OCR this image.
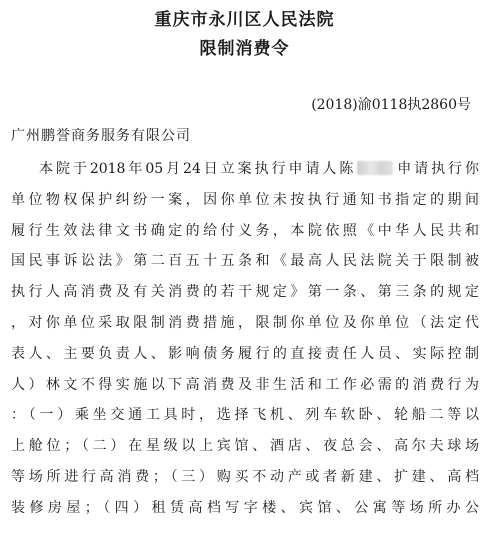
重庆市永川区人民法院
限制消费令
(2018)渝0118执2860号
广州鹏誉商务服务有限公司
本院于2018年05月24日立案执行申请人陈	申请执行你
单位物权保护纠纷一案，因你单位未按执行通知书指定的期间
履行生效法律文书确定的给付义务，本院依照《中华人民共和
国民事诉讼法》第二百五十五条和《最高人民法院关于限制被
执行人高消费及有关消费的若干规定》第一条、第三条的规定
，对你单位采取限制消费措施，限制你单位及你单位（法定代
表人、主要负责人、影响债务履行的直接责任人员、实际控制
人）林文不得实施以下高消费及非生活和工作必需的消费行为
：（一）乘坐交通工具时，选择飞机、列车软卧、轮船二等以
上舱位；（二）在星级以上宾馆、酒店、夜总会、高尔夫球场
等场所进行高消费；（三）购买不动产或者新建、扩建、高档
装修房屋；（四）租赁高档写字楼、宾馆、公寓等场所办公
